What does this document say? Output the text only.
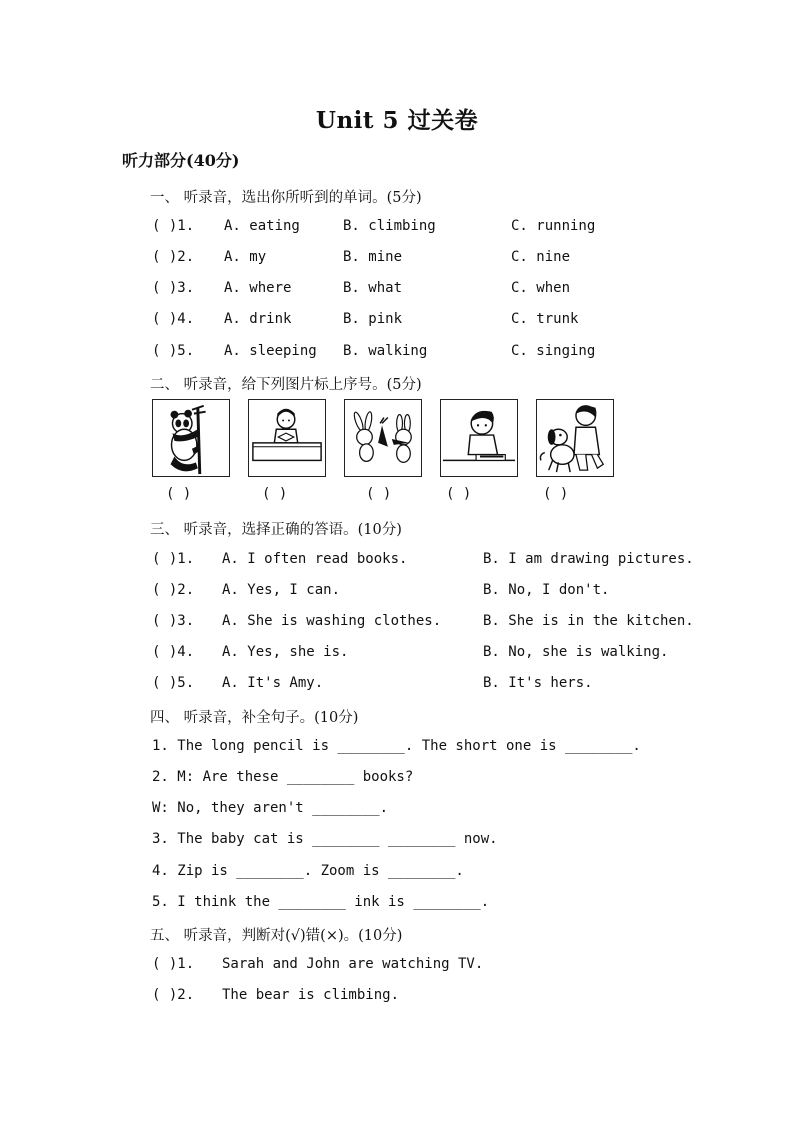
Unit 5 过关卷
听力部分(40分)
一、 听录音，选出你所听到的单词。(5分)
( )1. A. eating	B. climbing	C. running
( )2. A. my	B. mine	C. nine
( )3. A. where	B. what	C. when
( )4. A. drink	B. pink	C. trunk
( )5. A. sleeping B. walking	C. singing
二、 听录音，给下列图片标上序号。(5分)
( )	( )	( )	( )	( )
三、 听录音，选择正确的答语。(10分)
( )1. A. I often read books.	B. I am drawing pictures.
( )2. A. Yes, I can.	B. No, I don't.
( )3. A. She is washing clothes.	B. She is in the kitchen.
( )4. A. Yes, she is.	B. No, she is walking.
( )5. A. It's Amy.	B. It's hers.
四、 听录音，补全句子。(10分)
1. The long pencil is ________. The short one is ________.
2. M: Are these ________ books?
W: No, they aren't ________.
3. The baby cat is ________ ________ now.
4. Zip is ________. Zoom is ________.
5. I think the ________ ink is ________.
五、 听录音，判断对(√)错(×)。(10分)
( )1. Sarah and John are watching TV.
( )2. The bear is climbing.
